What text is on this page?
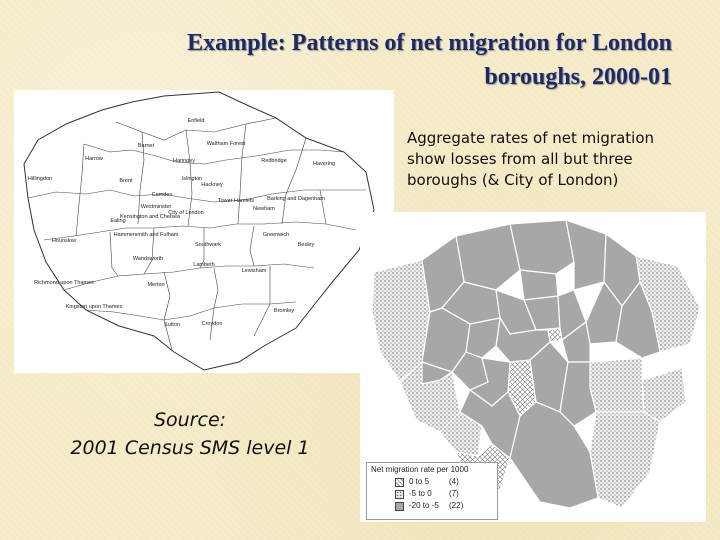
Example: Patterns of net migration for London
boroughs, 2000-01
Enfield
Barnet	Waltham Forest
Harrow	Haringey	Redbridge	Havering
Islington
Hillingdon	Brent
Hackney
Camden
Tower Hamlets Barking and Dagenham
Westminster
City of London
Newham
Ealing
Kensington and Chelsea
Hammersmith and Fulham	Greenwich
Hounslow
Southwark	Bexley
Wandsworth
Lambeth
Lewisham
Richmond upon Thames	Merton
Kingston upon Thames
Bromley
Sutton	Croydon
Aggregate rates of net migration
show losses from all but three
boroughs (& City of London)
Source:
2001 Census SMS level 1
Net migration rate per 1000
0 to 5 (4)
-5 to 0 (7)
-20 to -5 (22)
